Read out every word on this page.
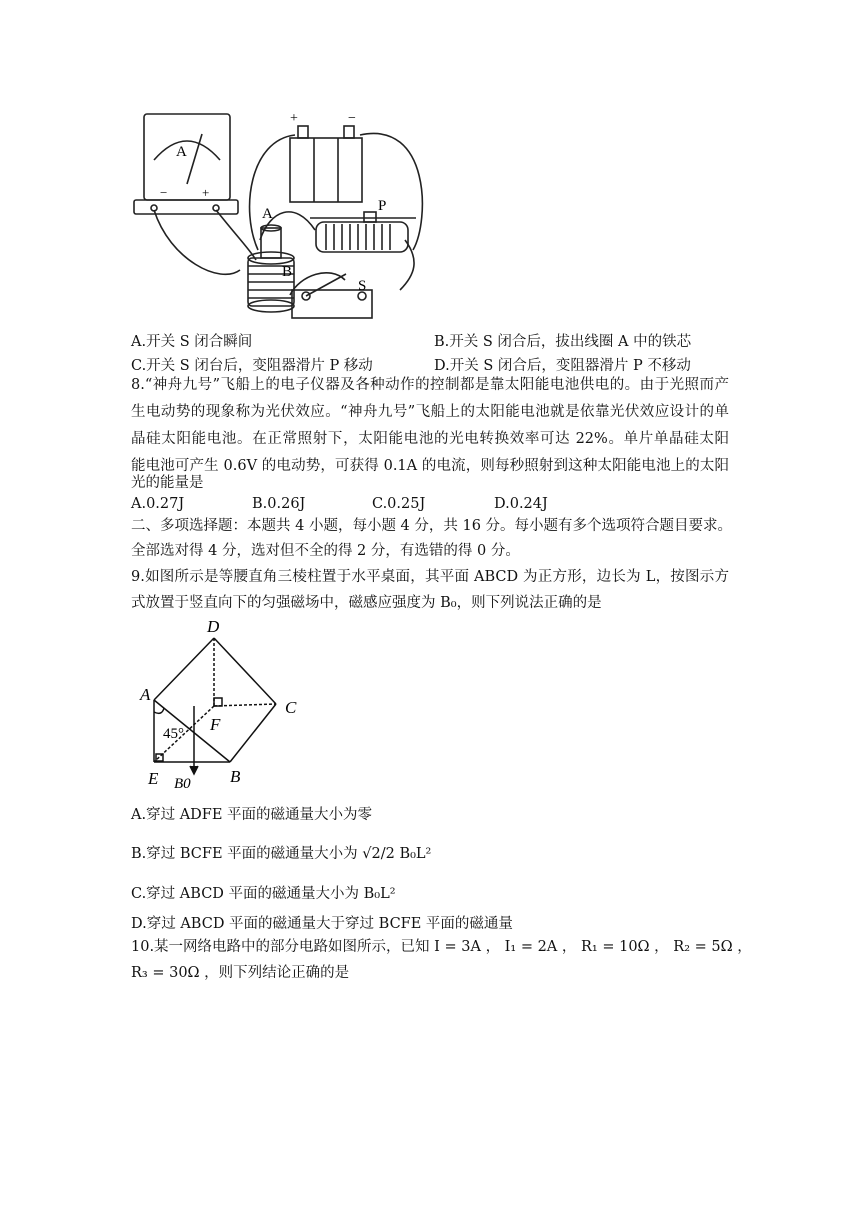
A
−	+
+	−
A
B
P
S
A.开关 S 闭合瞬间	B.开关 S 闭合后，拔出线圈 A 中的铁芯
C.开关 S 闭台后，变阻器滑片 P 移动	D.开关 S 闭合后，变阻器滑片 P 不移动
8.“神舟九号”飞船上的电子仪器及各种动作的控制都是靠太阳能电池供电的。由于光照而产
生电动势的现象称为光伏效应。“神舟九号”飞船上的太阳能电池就是依靠光伏效应设计的单
晶硅太阳能电池。在正常照射下，太阳能电池的光电转换效率可达 22%。单片单晶硅太阳
能电池可产生 0.6V 的电动势，可获得 0.1A 的电流，则每秒照射到这种太阳能电池上的太阳
光的能量是
A.0.27J	B.0.26J	C.0.25J	D.0.24J
二、多项选择题：本题共 4 小题，每小题 4 分，共 16 分。每小题有多个选项符合题目要求。
全部选对得 4 分，选对但不全的得 2 分，有选错的得 0 分。
9.如图所示是等腰直角三棱柱置于水平桌面，其平面 ABCD 为正方形，边长为 L，按图示方
式放置于竖直向下的匀强磁场中，磁感应强度为 B₀，则下列说法正确的是
D
A
C
F
E	B
B0
45°
A.穿过 ADFE 平面的磁通量大小为零
B.穿过 BCFE 平面的磁通量大小为 √2/2 B₀L²
C.穿过 ABCD 平面的磁通量大小为 B₀L²
D.穿过 ABCD 平面的磁通量大于穿过 BCFE 平面的磁通量
10.某一网络电路中的部分电路如图所示，已知 I = 3A ， I₁ = 2A ， R₁ = 10Ω ， R₂ = 5Ω ，
R₃ = 30Ω ，则下列结论正确的是
